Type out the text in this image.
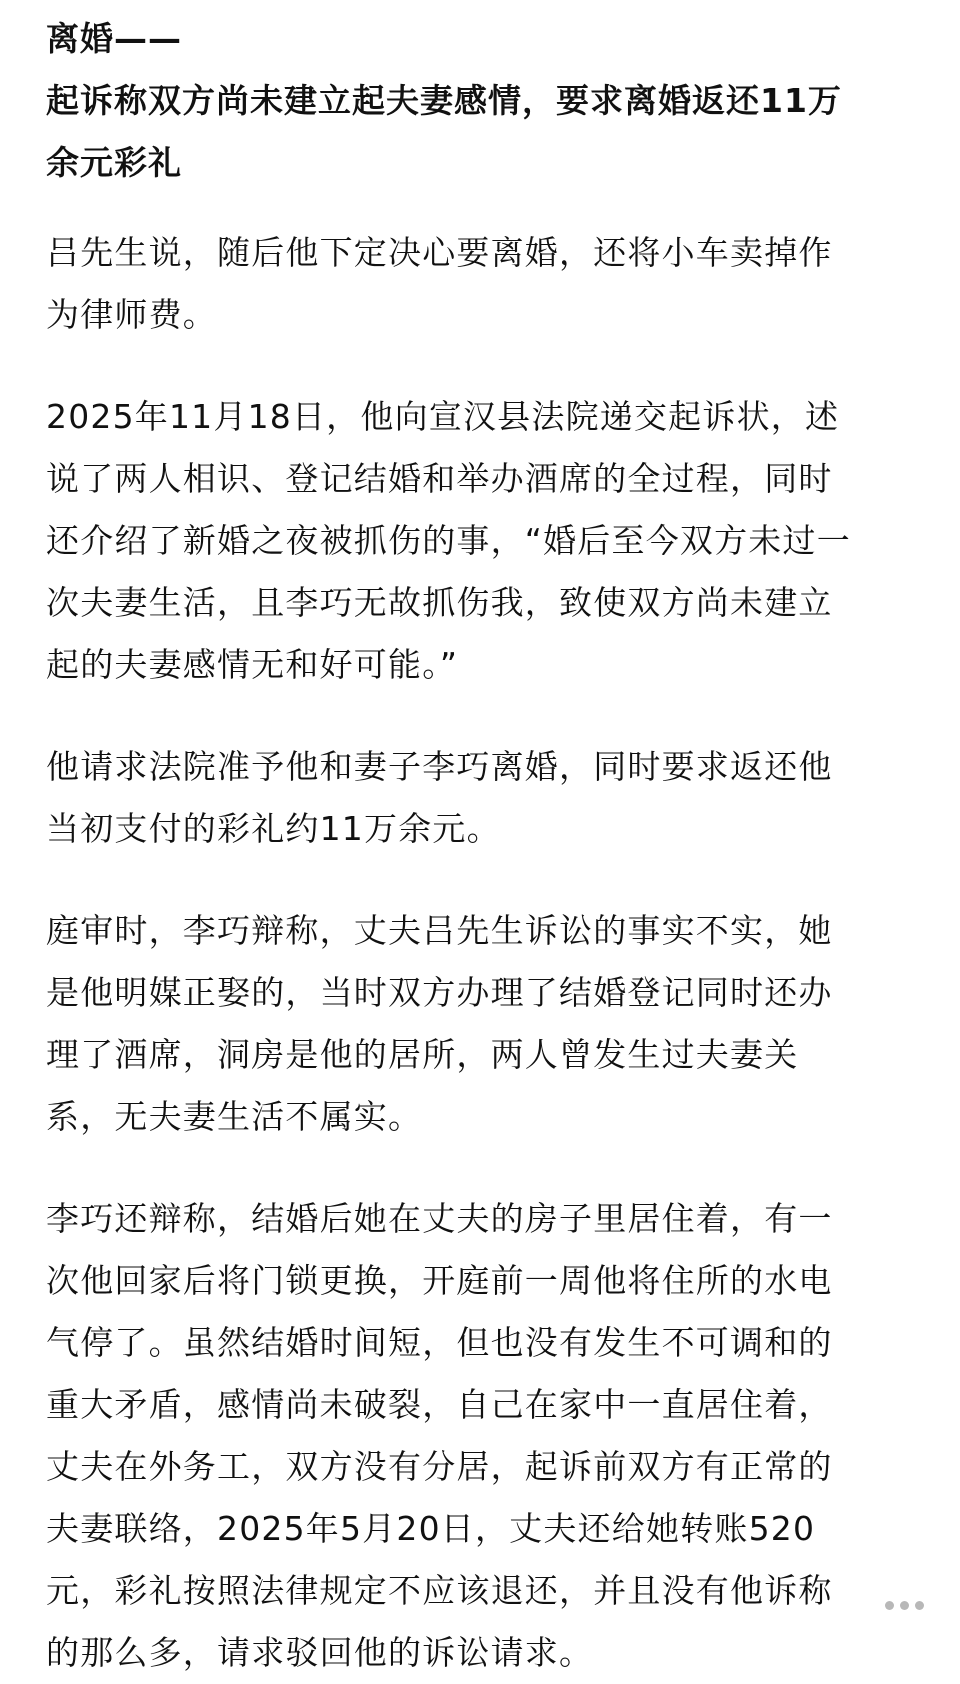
离婚——
起诉称双方尚未建立起夫妻感情，要求离婚返还11万
余元彩礼
吕先生说，随后他下定决心要离婚，还将小车卖掉作
为律师费。
2025年11月18日，他向宣汉县法院递交起诉状，述
说了两人相识、登记结婚和举办酒席的全过程，同时
还介绍了新婚之夜被抓伤的事，“婚后至今双方未过一
次夫妻生活，且李巧无故抓伤我，致使双方尚未建立
起的夫妻感情无和好可能。”
他请求法院准予他和妻子李巧离婚，同时要求返还他
当初支付的彩礼约11万余元。
庭审时，李巧辩称，丈夫吕先生诉讼的事实不实，她
是他明媒正娶的，当时双方办理了结婚登记同时还办
理了酒席，洞房是他的居所，两人曾发生过夫妻关
系，无夫妻生活不属实。
李巧还辩称，结婚后她在丈夫的房子里居住着，有一
次他回家后将门锁更换，开庭前一周他将住所的水电
气停了。虽然结婚时间短，但也没有发生不可调和的
重大矛盾，感情尚未破裂，自己在家中一直居住着，
丈夫在外务工，双方没有分居，起诉前双方有正常的
夫妻联络，2025年5月20日，丈夫还给她转账520
元，彩礼按照法律规定不应该退还，并且没有他诉称
的那么多，请求驳回他的诉讼请求。
